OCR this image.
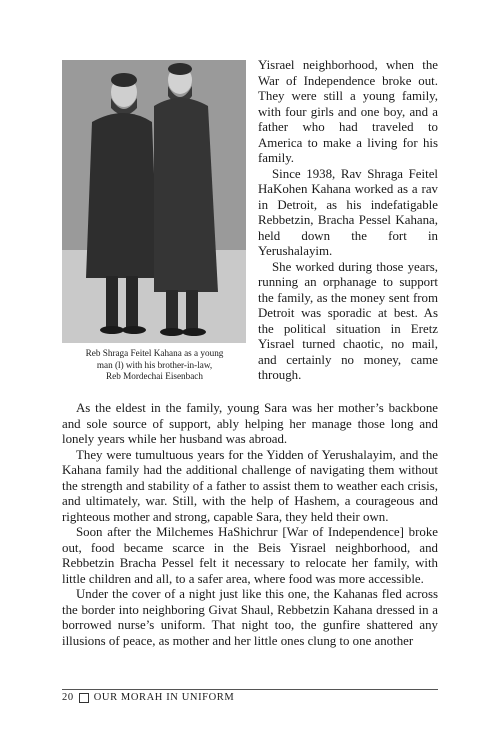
Reb Shraga Feitel Kahana as a young
man (l) with his brother-in-law,
Reb Mordechai Eisenbach

Yisrael neighborhood, when the War of Independence broke out. They were still a young family, with four girls and one boy, and a father who had traveled to America to make a living for his family.

Since 1938, Rav Shraga Feitel HaKohen Kahana worked as a rav in Detroit, as his indefatigable Rebbetzin, Bracha Pessel Kahana, held down the fort in Yerushalayim.

She worked during those years, running an orphanage to support the family, as the money sent from Detroit was sporadic at best. As the political situation in Eretz Yisrael turned chaotic, no mail, and certainly no money, came through.

As the eldest in the family, young Sara was her mother’s backbone and sole source of support, ably helping her manage those long and lonely years while her husband was abroad.

They were tumultuous years for the Yidden of Yerushalayim, and the Kahana family had the additional challenge of navigating them without the strength and stability of a father to assist them to weather each crisis, and ultimately, war. Still, with the help of Hashem, a courageous and righteous mother and strong, capable Sara, they held their own.

Soon after the Milchemes HaShichrur [War of Independence] broke out, food became scarce in the Beis Yisrael neighborhood, and Rebbetzin Bracha Pessel felt it necessary to relocate her family, with little children and all, to a safer area, where food was more accessible.

Under the cover of a night just like this one, the Kahanas fled across the border into neighboring Givat Shaul, Rebbetzin Kahana dressed in a borrowed nurse’s uniform. That night too, the gunfire shattered any illusions of peace, as mother and her little ones clung to one another

20 OUR MORAH IN UNIFORM
